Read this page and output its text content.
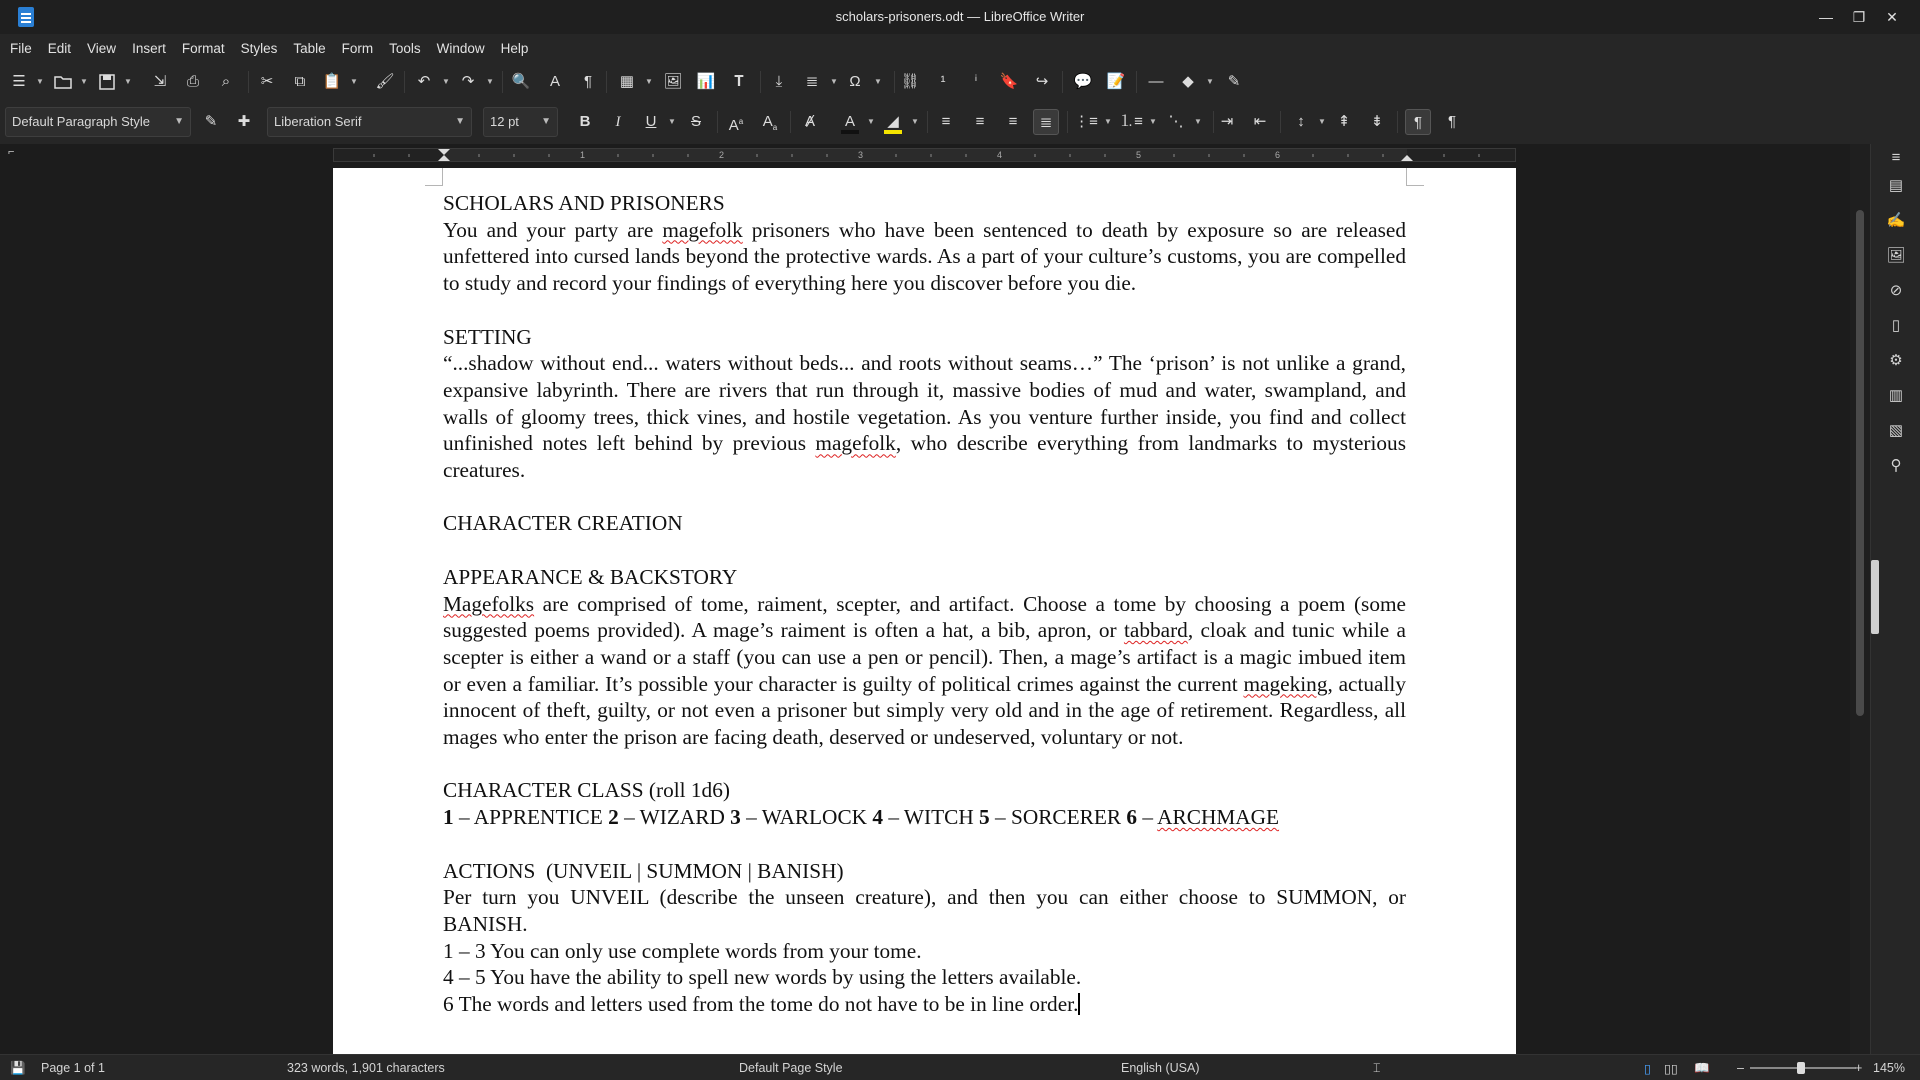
scholars-prisoners.odt — LibreOffice Writer	— ❐ ✕
File	Edit	View	Insert	Format	Styles	Table	Form	Tools	Window	Help
☰	▼	▼	▼	⇲	⎙	⌕	✂	⧉	📋	▼ 🖌	↶	▼ ↷	▼ 🔍	A	¶	▦	▼ 🖼 📊	𝐓	⤓	≣	▼ Ω	▼ ⛓	¹	ⁱ	🔖	↪	💬 📝	—	◆	▼ ✎
Default Paragraph Style ▼	✎	✚	Liberation Serif	▼	12 pt ▼	B	I	U	▼	S	$A^a$	$A_a$	Ⱥ	A	▼ ◢	▼	≡	≡	≡	≣	⋮≡ ▼ ⒈≡ ▼ ⋱	▼	⇥	⇤	↕	▼ ⇞	⇟	¶	¶
⌐	1	2	3	4	5	6

SCHOLARS AND PRISONERS

You and your party are magefolk prisoners who have been sentenced to death by exposure so are released unfettered into cursed lands beyond the protective wards. As a part of your culture’s customs, you are compelled to study and record your findings of everything here you discover before you die.

SETTING

“...shadow without end... waters without beds... and roots without seams…” The ‘prison’ is not unlike a grand, expansive labyrinth. There are rivers that run through it, massive bodies of mud and water, swampland, and walls of gloomy trees, thick vines, and hostile vegetation. As you venture further inside, you find and collect unfinished notes left behind by previous magefolk, who describe everything from landmarks to mysterious creatures.

CHARACTER CREATION

APPEARANCE & BACKSTORY

Magefolks are comprised of tome, raiment, scepter, and artifact. Choose a tome by choosing a poem (some suggested poems provided). A mage’s raiment is often a hat, a bib, apron, or tabbard, cloak and tunic while a scepter is either a wand or a staff (you can use a pen or pencil). Then, a mage’s artifact is a magic imbued item or even a familiar. It’s possible your character is guilty of political crimes against the current mageking, actually innocent of theft, guilty, or not even a prisoner but simply very old and in the age of retirement. Regardless, all mages who enter the prison are facing death, deserved or undeserved, voluntary or not.

CHARACTER CLASS (roll 1d6)

1 – APPRENTICE 2 – WIZARD 3 – WARLOCK 4 – WITCH 5 – SORCERER 6 – ARCHMAGE

ACTIONS  (UNVEIL | SUMMON | BANISH)

Per turn you UNVEIL (describe the unseen creature), and then you can either choose to SUMMON, or BANISH.

1 – 3 You can only use complete words from your tome.

4 – 5 You have the ability to spell new words by using the letters available.

6 The words and letters used from the tome do not have to be in line order.

≡
▤
✍
🖼
⊘
▯
⚙
▥
▧
⚲
💾 Page 1 of 1	323 words, 1,901 characters	Default Page Style	English (USA)	⌶	▯ ▯▯ 📖 –	+ 145%
